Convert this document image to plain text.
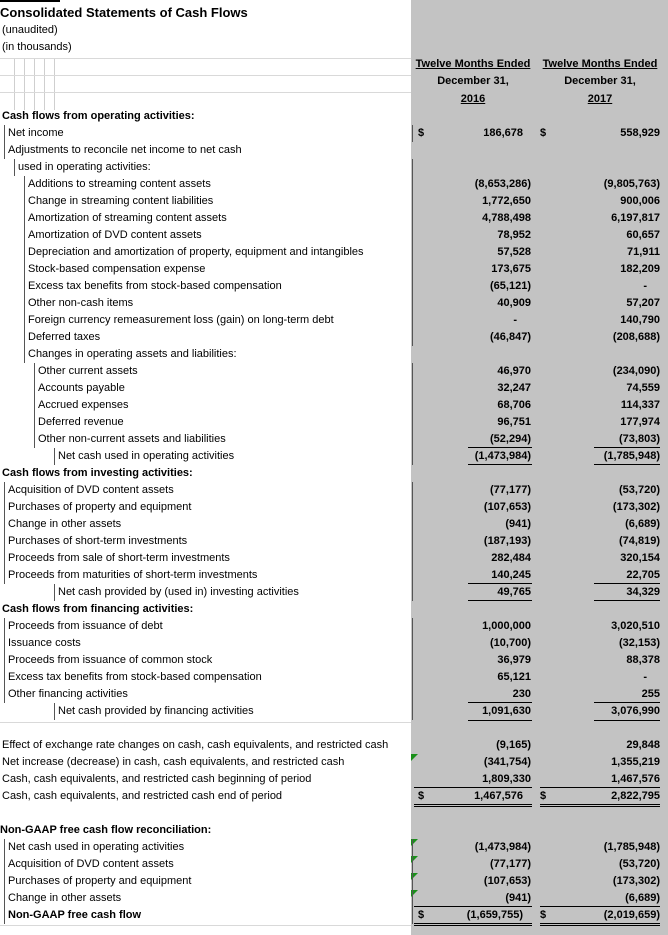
Consolidated Statements of Cash Flows
(unaudited)
(in thousands)
Twelve Months Ended
December 31,
2016
Twelve Months Ended
December 31,
2017
Cash flows from operating activities:
Net income	$	186,678 $	558,929
Adjustments to reconcile net income to net cash
used in operating activities:
Additions to streaming content assets	(8,653,286)	(9,805,763)
Change in streaming content liabilities	1,772,650	900,006
Amortization of streaming content assets	4,788,498	6,197,817
Amortization of DVD content assets	78,952	60,657
Depreciation and amortization of property, equipment and intangibles	57,528	71,911
Stock-based compensation expense	173,675	182,209
Excess tax benefits from stock-based compensation	(65,121)	-
Other non-cash items	40,909	57,207
Foreign currency remeasurement loss (gain) on long-term debt	-	140,790
Deferred taxes	(46,847)	(208,688)
Changes in operating assets and liabilities:
Other current assets	46,970	(234,090)
Accounts payable	32,247	74,559
Accrued expenses	68,706	114,337
Deferred revenue	96,751	177,974
Other non-current assets and liabilities	(52,294)	(73,803)
Net cash used in operating activities	(1,473,984)	(1,785,948)
Cash flows from investing activities:
Acquisition of DVD content assets	(77,177)	(53,720)
Purchases of property and equipment	(107,653)	(173,302)
Change in other assets	(941)	(6,689)
Purchases of short-term investments	(187,193)	(74,819)
Proceeds from sale of short-term investments	282,484	320,154
Proceeds from maturities of short-term investments	140,245	22,705
Net cash provided by (used in) investing activities	49,765	34,329
Cash flows from financing activities:
Proceeds from issuance of debt	1,000,000	3,020,510
Issuance costs	(10,700)	(32,153)
Proceeds from issuance of common stock	36,979	88,378
Excess tax benefits from stock-based compensation	65,121	-
Other financing activities	230	255
Net cash provided by financing activities	1,091,630	3,076,990
Effect of exchange rate changes on cash, cash equivalents, and restricted cash	(9,165)	29,848
Net increase (decrease) in cash, cash equivalents, and restricted cash	(341,754)	1,355,219
Cash, cash equivalents, and restricted cash beginning of period	1,809,330	1,467,576
Cash, cash equivalents, and restricted cash end of period	$	1,467,576 $	2,822,795
Non-GAAP free cash flow reconciliation:
Net cash used in operating activities	(1,473,984)	(1,785,948)
Acquisition of DVD content assets	(77,177)	(53,720)
Purchases of property and equipment	(107,653)	(173,302)
Change in other assets	(941)	(6,689)
Non-GAAP free cash flow	$	(1,659,755) $	(2,019,659)
